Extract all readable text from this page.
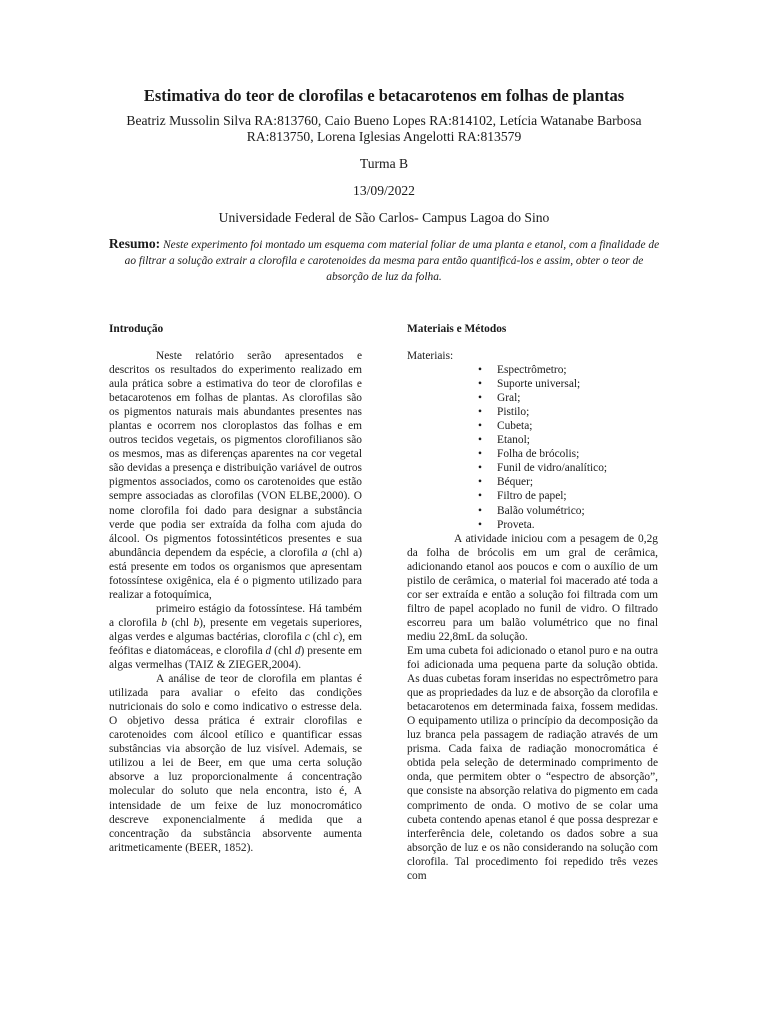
Estimativa do teor de clorofilas e betacarotenos em folhas de plantas

Beatriz Mussolin Silva RA:813760, Caio Bueno Lopes RA:814102, Letícia Watanabe Barbosa

RA:813750, Lorena Iglesias Angelotti RA:813579

Turma B

13/09/2022

Universidade Federal de São Carlos- Campus Lagoa do Sino

Resumo: Neste experimento foi montado um esquema com material foliar de uma planta e etanol, com a finalidade de ao filtrar a solução extrair a clorofila e carotenoides da mesma para então quantificá-los e assim, obter o teor de absorção de luz da folha.
Introdução

Neste relatório serão apresentados e descritos os resultados do experimento realizado em aula prática sobre a estimativa do teor de clorofilas e betacarotenos em folhas de plantas. As clorofilas são os pigmentos naturais mais abundantes presentes nas plantas e ocorrem nos cloroplastos das folhas e em outros tecidos vegetais, os pigmentos clorofilianos são os mesmos, mas as diferenças aparentes na cor vegetal são devidas a presença e distribuição variável de outros pigmentos associados, como os carotenoides que estão sempre associadas as clorofilas (VON ELBE,2000). O nome clorofila foi dado para designar a substância verde que podia ser extraída da folha com ajuda do álcool. Os pigmentos fotossintéticos presentes e sua abundância dependem da espécie, a clorofila a (chl a) está presente em todos os organismos que apresentam fotossíntese oxigênica, ela é o pigmento utilizado para realizar a fotoquímica,

primeiro estágio da fotossíntese. Há também a clorofila b (chl b), presente em vegetais superiores, algas verdes e algumas bactérias, clorofila c (chl c), em feófitas e diatomáceas, e clorofila d (chl d) presente em algas vermelhas (TAIZ & ZIEGER,2004).

A análise de teor de clorofila em plantas é utilizada para avaliar o efeito das condições nutricionais do solo e como indicativo o estresse dela. O objetivo dessa prática é extrair clorofilas e carotenoides com álcool etílico e quantificar essas substâncias via absorção de luz visível. Ademais, se utilizou a lei de Beer, em que uma certa solução absorve a luz proporcionalmente á concentração molecular do soluto que nela encontra, isto é, A intensidade de um feixe de luz monocromático descreve exponencialmente á medida que a concentração da substância absorvente aumenta aritmeticamente (BEER, 1852).

Materiais e Métodos

Materiais:

• Espectrômetro;
• Suporte universal;
• Gral;
• Pistilo;
• Cubeta;
• Etanol;
• Folha de brócolis;
• Funil de vidro/analítico;
• Béquer;
• Filtro de papel;
• Balão volumétrico;
• Proveta.

A atividade iniciou com a pesagem de 0,2g da folha de brócolis em um gral de cerâmica, adicionando etanol aos poucos e com o auxílio de um pistilo de cerâmica, o material foi macerado até toda a cor ser extraída e então a solução foi filtrada com um filtro de papel acoplado no funil de vidro. O filtrado escorreu para um balão volumétrico que no final mediu 22,8mL da solução.

Em uma cubeta foi adicionado o etanol puro e na outra foi adicionada uma pequena parte da solução obtida. As duas cubetas foram inseridas no espectrômetro para que as propriedades da luz e de absorção da clorofila e betacarotenos em determinada faixa, fossem medidas. O equipamento utiliza o princípio da decomposição da luz branca pela passagem de radiação através de um prisma. Cada faixa de radiação monocromática é obtida pela seleção de determinado comprimento de onda, que permitem obter o “espectro de absorção”, que consiste na absorção relativa do pigmento em cada comprimento de onda. O motivo de se colar uma cubeta contendo apenas etanol é que possa desprezar e interferência dele, coletando os dados sobre a sua absorção de luz e os não considerando na solução com clorofila. Tal procedimento foi repedido três vezes com
